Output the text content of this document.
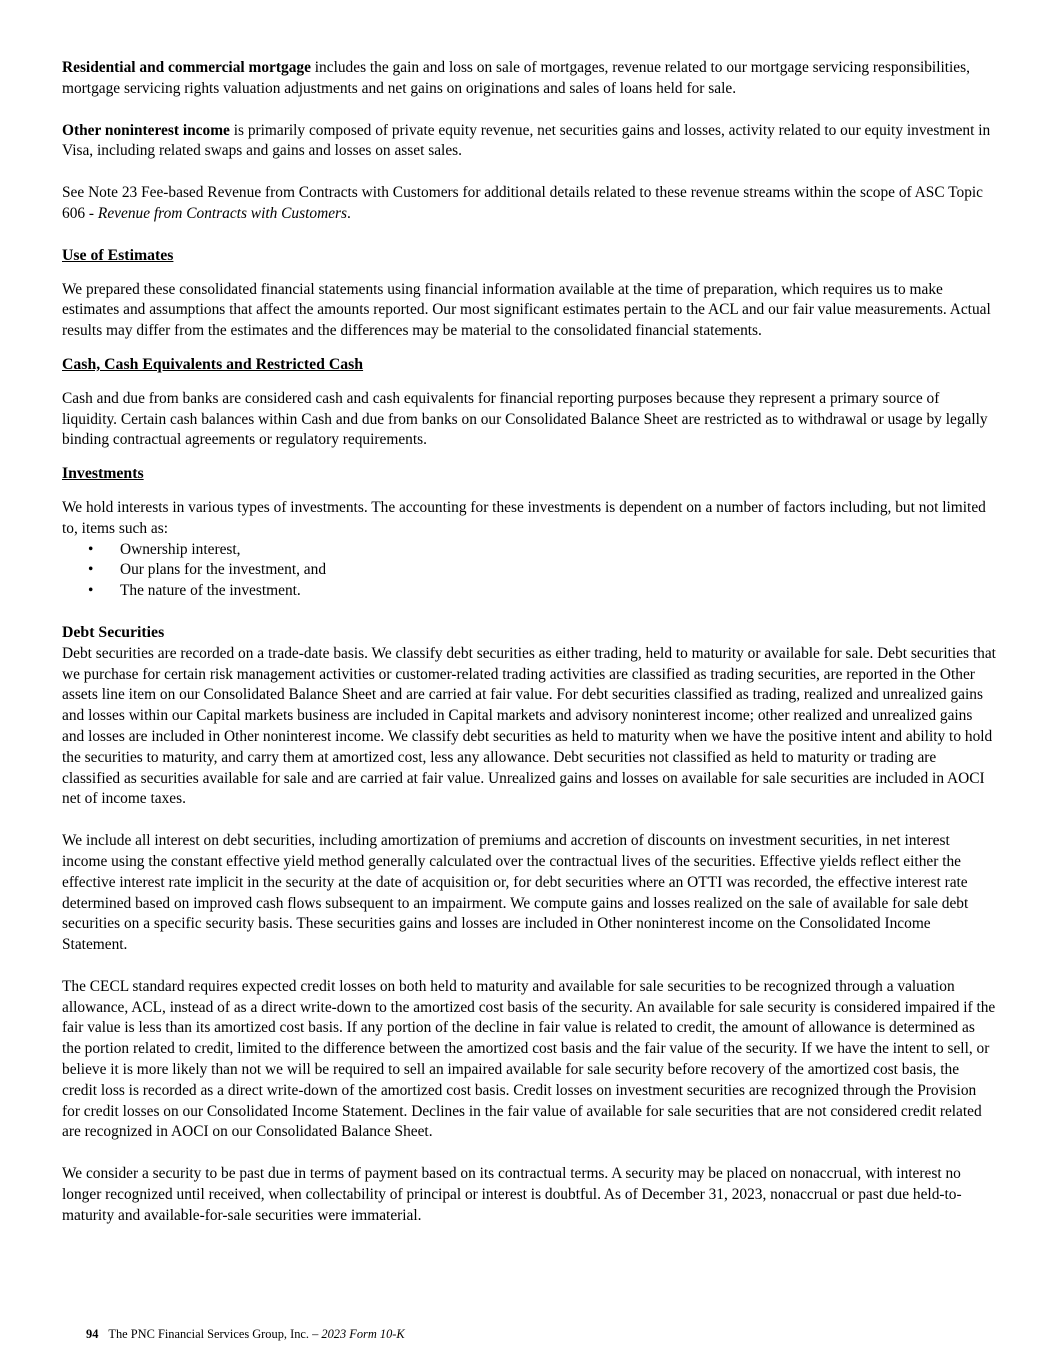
Residential and commercial mortgage includes the gain and loss on sale of mortgages, revenue related to our mortgage servicing responsibilities, mortgage servicing rights valuation adjustments and net gains on originations and sales of loans held for sale.

Other noninterest income is primarily composed of private equity revenue, net securities gains and losses, activity related to our equity investment in Visa, including related swaps and gains and losses on asset sales.

See Note 23 Fee-based Revenue from Contracts with Customers for additional details related to these revenue streams within the scope of ASC Topic 606 - Revenue from Contracts with Customers.

Use of Estimates

We prepared these consolidated financial statements using financial information available at the time of preparation, which requires us to make estimates and assumptions that affect the amounts reported. Our most significant estimates pertain to the ACL and our fair value measurements. Actual results may differ from the estimates and the differences may be material to the consolidated financial statements.

Cash, Cash Equivalents and Restricted Cash

Cash and due from banks are considered cash and cash equivalents for financial reporting purposes because they represent a primary source of liquidity. Certain cash balances within Cash and due from banks on our Consolidated Balance Sheet are restricted as to withdrawal or usage by legally binding contractual agreements or regulatory requirements.

Investments

We hold interests in various types of investments. The accounting for these investments is dependent on a number of factors including, but not limited to, items such as:

• Ownership interest,
• Our plans for the investment, and
• The nature of the investment.

Debt Securities

Debt securities are recorded on a trade-date basis. We classify debt securities as either trading, held to maturity or available for sale. Debt securities that we purchase for certain risk management activities or customer-related trading activities are classified as trading securities, are reported in the Other assets line item on our Consolidated Balance Sheet and are carried at fair value. For debt securities classified as trading, realized and unrealized gains and losses within our Capital markets business are included in Capital markets and advisory noninterest income; other realized and unrealized gains and losses are included in Other noninterest income. We classify debt securities as held to maturity when we have the positive intent and ability to hold the securities to maturity, and carry them at amortized cost, less any allowance. Debt securities not classified as held to maturity or trading are classified as securities available for sale and are carried at fair value. Unrealized gains and losses on available for sale securities are included in AOCI net of income taxes.

We include all interest on debt securities, including amortization of premiums and accretion of discounts on investment securities, in net interest income using the constant effective yield method generally calculated over the contractual lives of the securities. Effective yields reflect either the effective interest rate implicit in the security at the date of acquisition or, for debt securities where an OTTI was recorded, the effective interest rate determined based on improved cash flows subsequent to an impairment. We compute gains and losses realized on the sale of available for sale debt securities on a specific security basis. These securities gains and losses are included in Other noninterest income on the Consolidated Income Statement.

The CECL standard requires expected credit losses on both held to maturity and available for sale securities to be recognized through a valuation allowance, ACL, instead of as a direct write-down to the amortized cost basis of the security. An available for sale security is considered impaired if the fair value is less than its amortized cost basis. If any portion of the decline in fair value is related to credit, the amount of allowance is determined as the portion related to credit, limited to the difference between the amortized cost basis and the fair value of the security. If we have the intent to sell, or believe it is more likely than not we will be required to sell an impaired available for sale security before recovery of the amortized cost basis, the credit loss is recorded as a direct write-down of the amortized cost basis. Credit losses on investment securities are recognized through the Provision for credit losses on our Consolidated Income Statement. Declines in the fair value of available for sale securities that are not considered credit related are recognized in AOCI on our Consolidated Balance Sheet.

We consider a security to be past due in terms of payment based on its contractual terms. A security may be placed on nonaccrual, with interest no longer recognized until received, when collectability of principal or interest is doubtful. As of December 31, 2023, nonaccrual or past due held-to-maturity and available-for-sale securities were immaterial.

94 The PNC Financial Services Group, Inc. – 2023 Form 10-K
